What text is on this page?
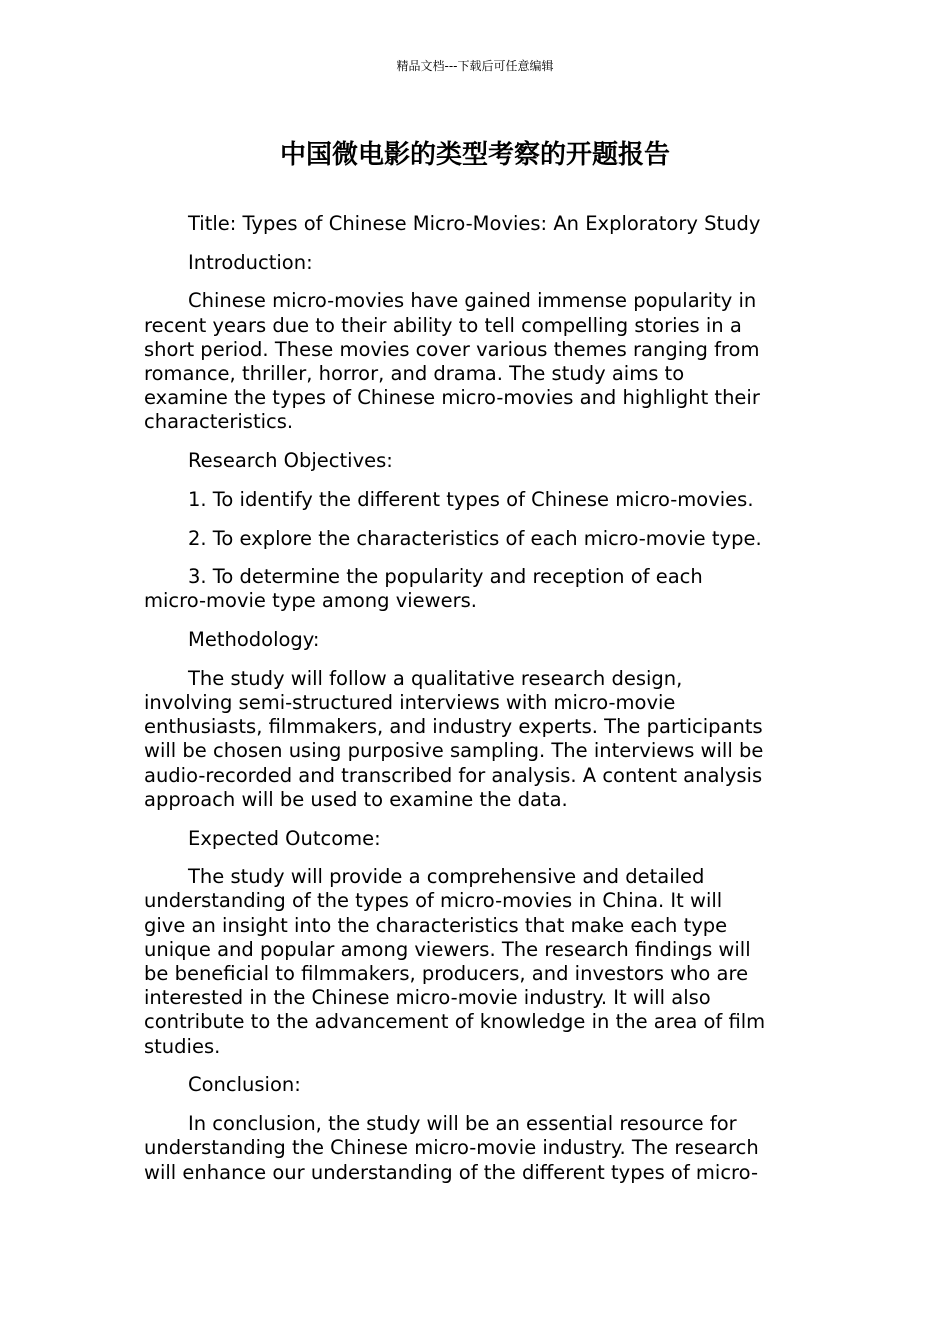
精品文档---下载后可任意编辑
中国微电影的类型考察的开题报告

Title: Types of Chinese Micro-Movies: An Exploratory Study

Introduction:

Chinese micro-movies have gained immense popularity in
recent years due to their ability to tell compelling stories in a
short period. These movies cover various themes ranging from
romance, thriller, horror, and drama. The study aims to
examine the types of Chinese micro-movies and highlight their
characteristics.

Research Objectives:

1. To identify the different types of Chinese micro-movies.

2. To explore the characteristics of each micro-movie type.

3. To determine the popularity and reception of each
micro-movie type among viewers.

Methodology:

The study will follow a qualitative research design,
involving semi-structured interviews with micro-movie
enthusiasts, filmmakers, and industry experts. The participants
will be chosen using purposive sampling. The interviews will be
audio-recorded and transcribed for analysis. A content analysis
approach will be used to examine the data.

Expected Outcome:

The study will provide a comprehensive and detailed
understanding of the types of micro-movies in China. It will
give an insight into the characteristics that make each type
unique and popular among viewers. The research findings will
be beneficial to filmmakers, producers, and investors who are
interested in the Chinese micro-movie industry. It will also
contribute to the advancement of knowledge in the area of film
studies.

Conclusion:

In conclusion, the study will be an essential resource for
understanding the Chinese micro-movie industry. The research
will enhance our understanding of the different types of micro-
